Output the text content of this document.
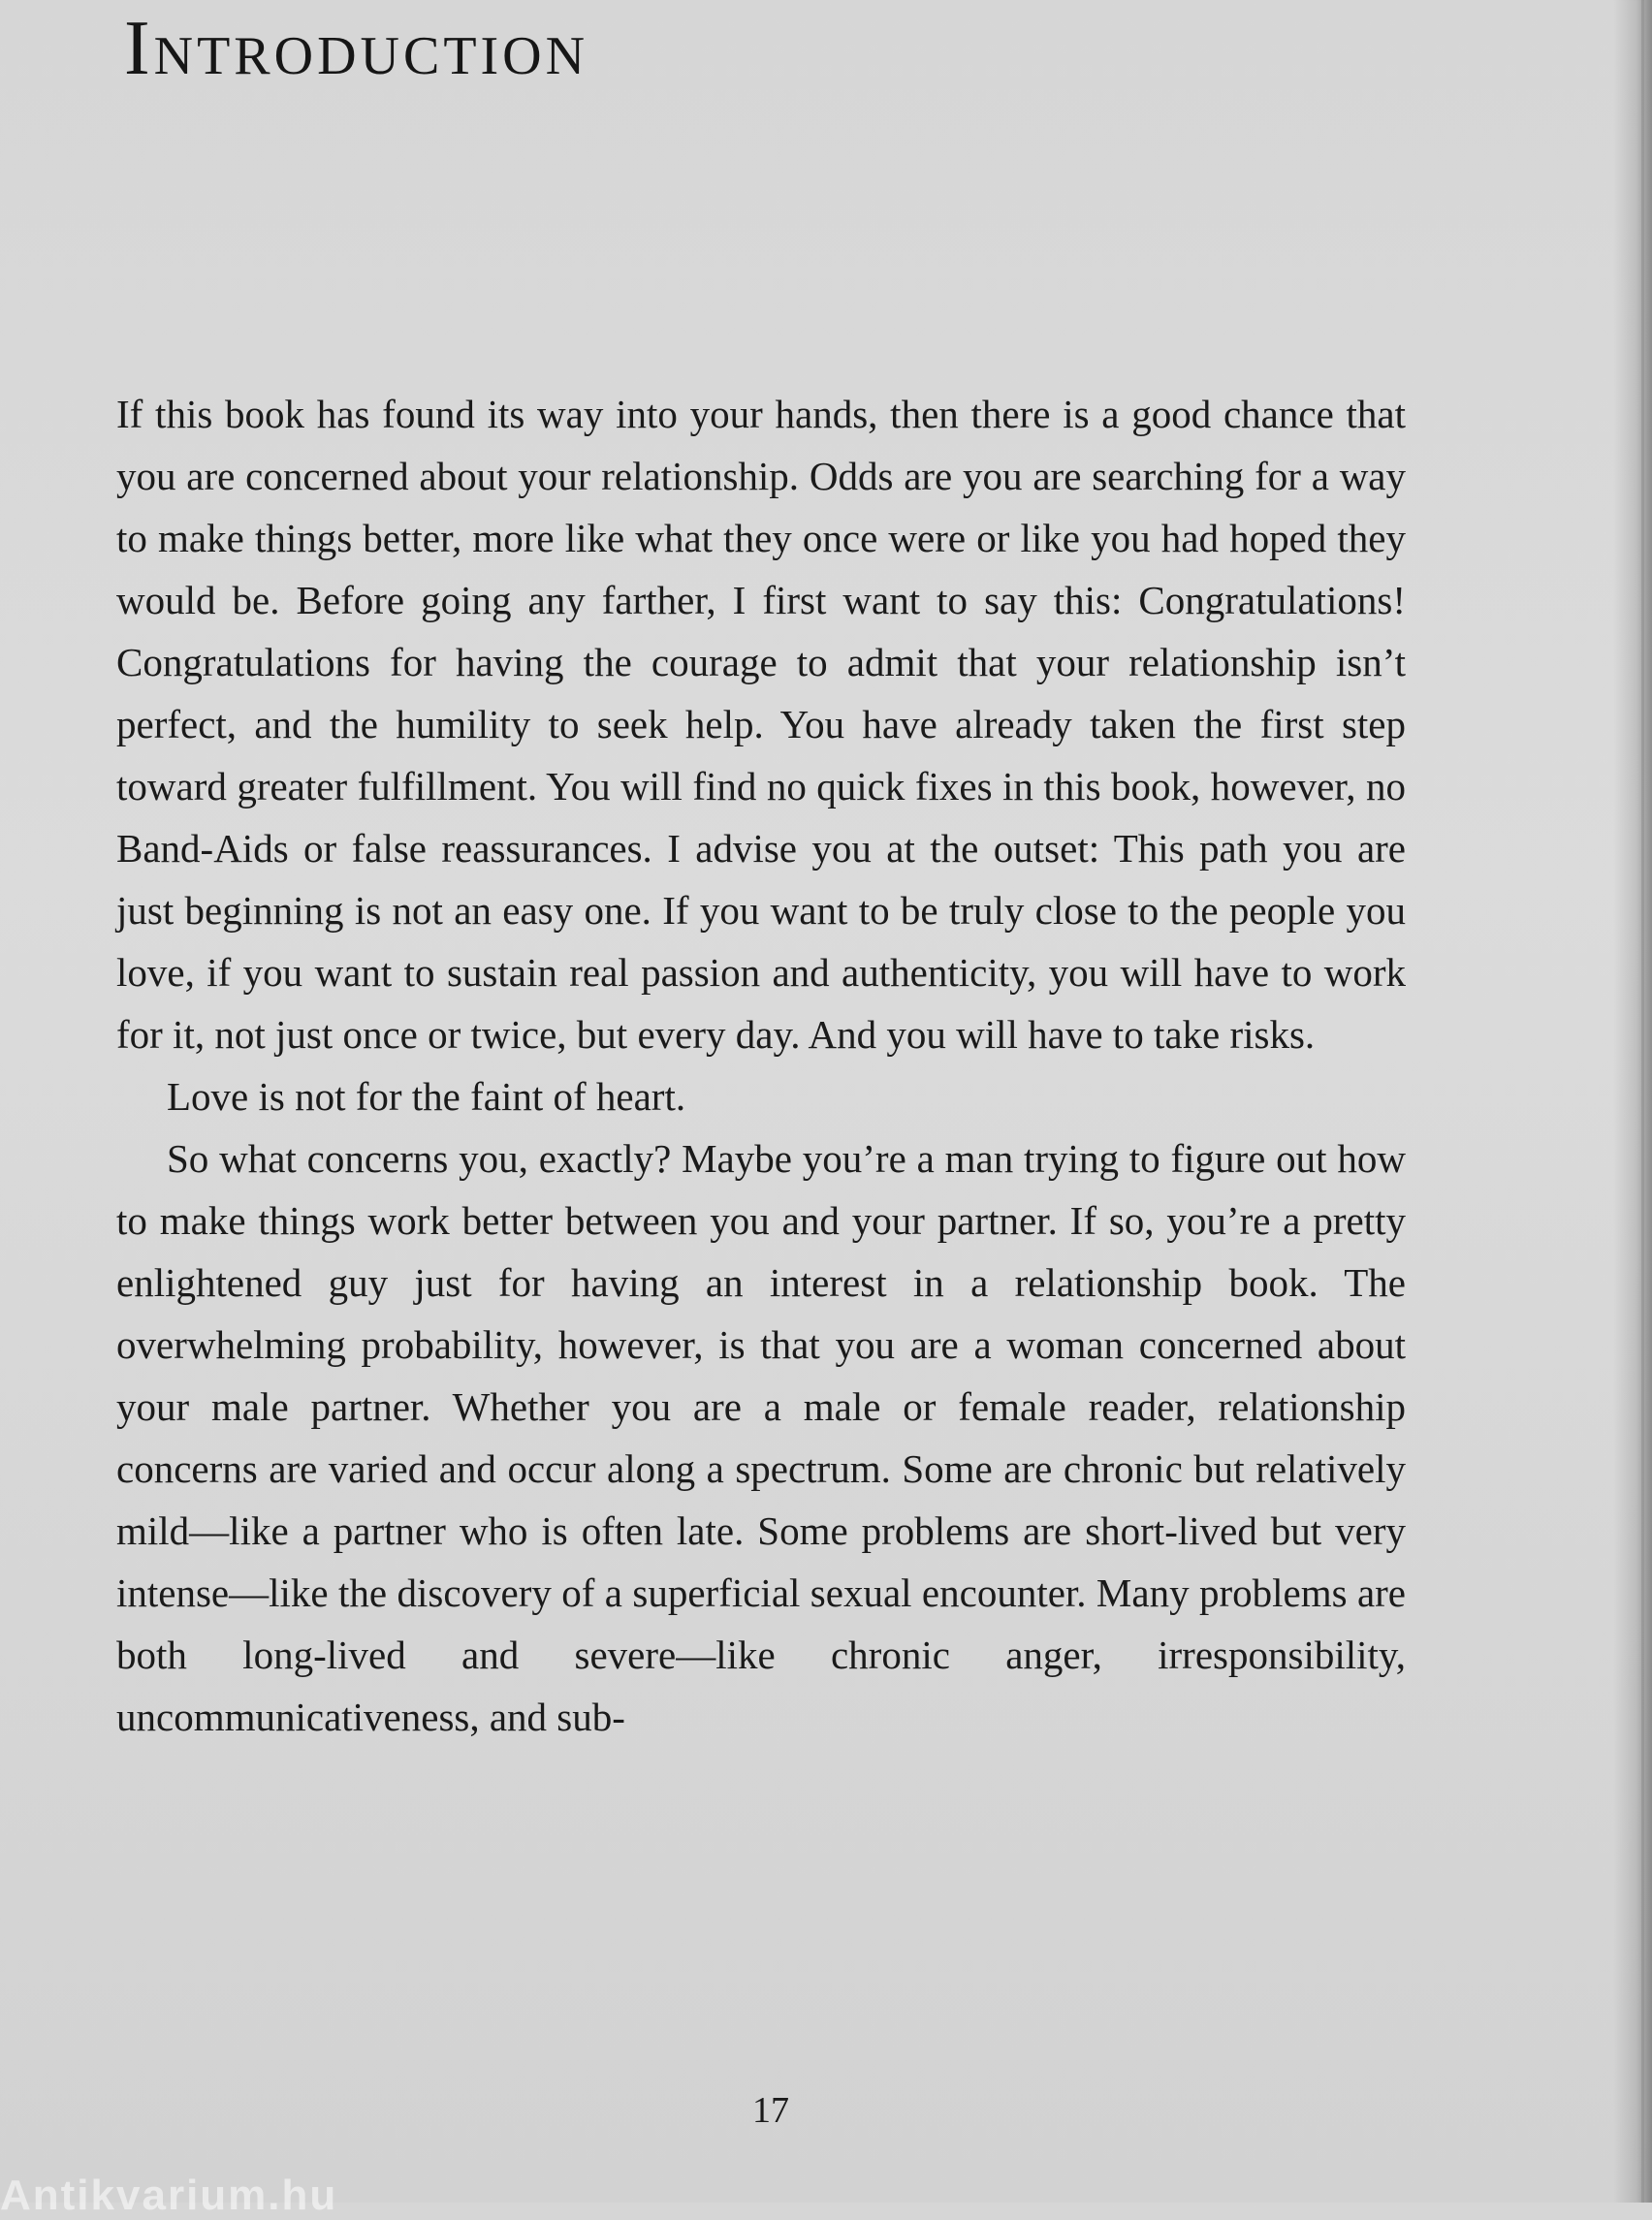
Introduction

If this book has found its way into your hands, then there is a good chance that you are concerned about your relationship. Odds are you are searching for a way to make things better, more like what they once were or like you had hoped they would be. Before going any farther, I first want to say this: Congratulations! Congratulations for having the courage to admit that your relationship isn’t perfect, and the humility to seek help. You have already taken the first step toward greater fulfillment. You will find no quick fixes in this book, however, no Band-Aids or false reassurances. I advise you at the outset: This path you are just beginning is not an easy one. If you want to be truly close to the people you love, if you want to sustain real passion and authenticity, you will have to work for it, not just once or twice, but every day. And you will have to take risks.

Love is not for the faint of heart.

So what concerns you, exactly? Maybe you’re a man trying to figure out how to make things work better between you and your partner. If so, you’re a pretty enlightened guy just for having an interest in a relationship book. The overwhelming probability, however, is that you are a woman concerned about your male partner. Whether you are a male or female reader, relationship concerns are varied and occur along a spectrum. Some are chronic but relatively mild—like a partner who is often late. Some problems are short-lived but very intense—like the discovery of a superficial sexual encounter. Many problems are both long-lived and severe—like chronic anger, irresponsibility, uncommunicativeness, and sub-

17
Antikvarium.hu
